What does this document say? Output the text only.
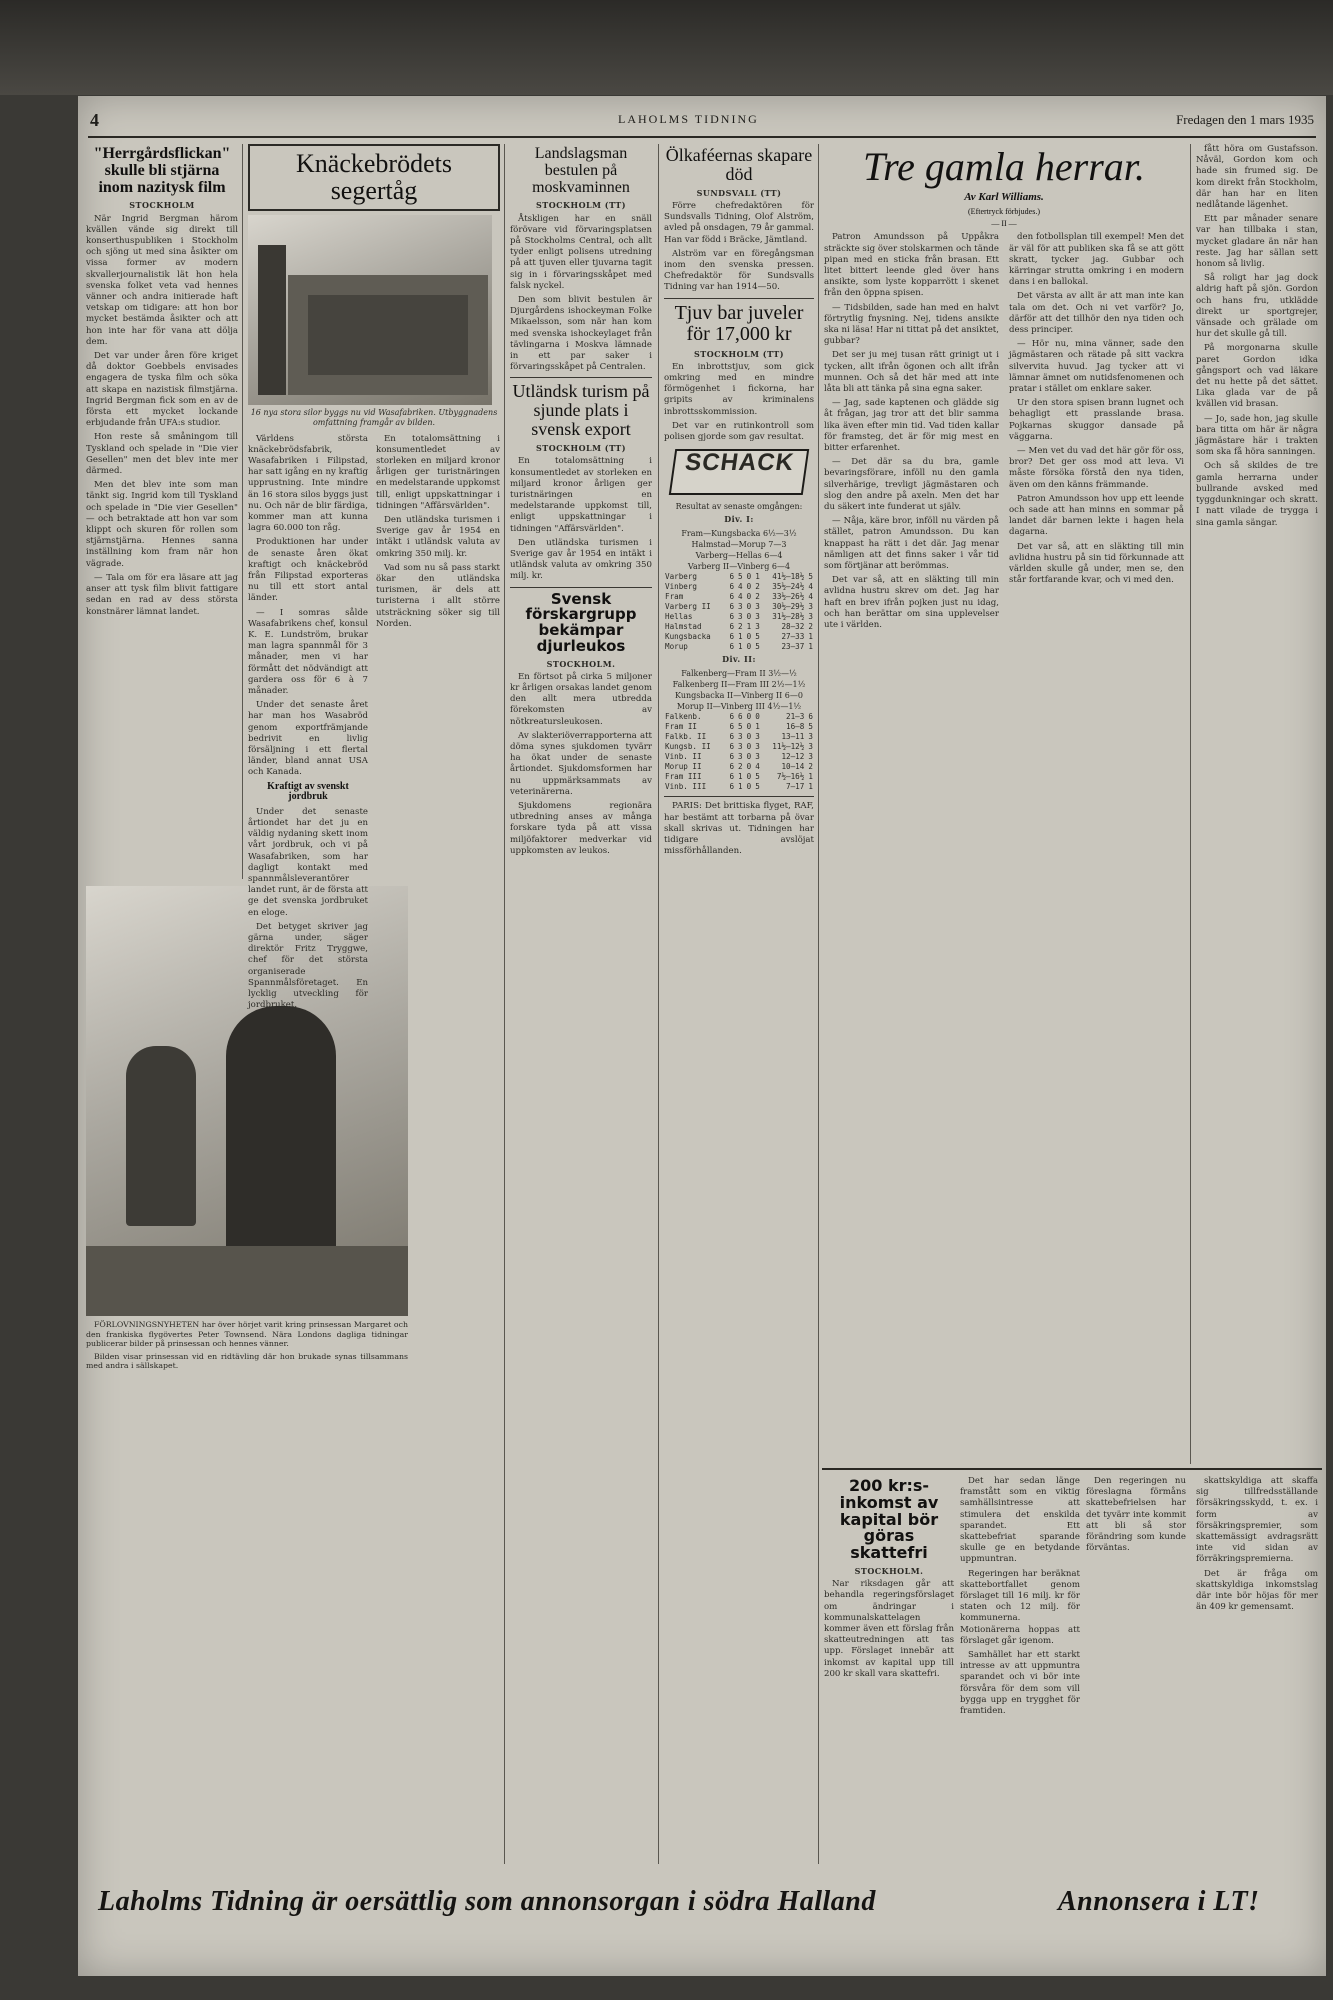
4	LAHOLMS TIDNING	Fredagen den 1 mars 1935
"Herrgårdsflickan" skulle bli stjärna inom nazitysk film
STOCKHOLM

När Ingrid Bergman härom kvällen vände sig direkt till konserthuspubliken i Stockholm och sjöng ut med sina åsikter om vissa former av modern skvallerjournalistik lät hon hela svenska folket veta vad hennes vänner och andra initierade haft vetskap om tidigare: att hon bor mycket bestämda åsikter och att hon inte har för vana att dölja dem.

Det var under åren före kriget då doktor Goebbels envisades engagera de tyska film och söka att skapa en nazistisk filmstjärna. Ingrid Bergman fick som en av de första ett mycket lockande erbjudande från UFA:s studior.

Hon reste så småningom till Tyskland och spelade in "Die vier Gesellen" men det blev inte mer därmed.

Men det blev inte som man tänkt sig. Ingrid kom till Tyskland och spelade in "Die vier Gesellen" — och betraktade att hon var som klippt och skuren för rollen som stjärnstjärna. Hennes sanna inställning kom fram när hon vägrade.

— Tala om för era läsare att jag anser att tysk film blivit fattigare sedan en rad av dess största konstnärer lämnat landet.

FÖRLOVNINGSNYHETEN har över hörjet varit kring prinsessan Margaret och den frankiska flygövertes Peter Townsend. Nära Londons dagliga tidningar publicerar bilder på prinsessan och hennes vänner.

Bilden visar prinsessan vid en ridtävling där hon brukade synas tillsammans med andra i sällskapet.

Knäckebrödets segertåg
16 nya stora silor byggs nu vid Wasafabriken. Utbyggnadens omfattning framgår av bilden.

Världens största knäckebrödsfabrik, Wasafabriken i Filipstad, har satt igång en ny kraftig upprustning. Inte mindre än 16 stora silos byggs just nu. Och när de blir färdiga, kommer man att kunna lagra 60.000 ton råg.

Produktionen har under de senaste åren ökat kraftigt och knäckebröd från Filipstad exporteras nu till ett stort antal länder.

— I somras sålde Wasafabrikens chef, konsul K. E. Lundström, brukar man lagra spannmål för 3 månader, men vi har förmått det nödvändigt att gardera oss för 6 à 7 månader.

Under det senaste året har man hos Wasabröd genom exportfrämjande bedrivit en livlig försäljning i ett flertal länder, bland annat USA och Kanada.

Kraftigt av svenskt jordbruk

Under det senaste årtiondet har det ju en väldig nydaning skett inom vårt jordbruk, och vi på Wasafabriken, som har dagligt kontakt med spannmålsleverantörer landet runt, är de första att ge det svenska jordbruket en eloge.

Det betyget skriver jag gärna under, säger direktör Fritz Tryggwe, chef för det största organiserade Spannmålsföretaget. En lycklig utveckling för jordbruket.

En totalomsättning i konsumentledet av storleken en miljard kronor årligen ger turistnäringen en medelstarande uppkomst till, enligt uppskattningar i tidningen "Affärsvärlden".

Den utländska turismen i Sverige gav år 1954 en intäkt i utländsk valuta av omkring 350 milj. kr.

Vad som nu så pass starkt ökar den utländska turismen, är dels att turisterna i allt större utsträckning söker sig till Norden.

Landslagsman bestulen på moskvaminnen
STOCKHOLM (TT)

Åtskligen har en snäll förövare vid förvaringsplatsen på Stockholms Central, och allt tyder enligt polisens utredning på att tjuven eller tjuvarna tagit sig in i förvaringsskåpet med falsk nyckel.

Den som blivit bestulen är Djurgårdens ishockeyman Folke Mikaelsson, som när han kom med svenska ishockeylaget från tävlingarna i Moskva lämnade in ett par saker i förvaringsskåpet på Centralen.

Utländsk turism på sjunde plats i svensk export
STOCKHOLM (TT)

En totalomsättning i konsumentledet av storleken en miljard kronor årligen ger turistnäringen en medelstarande uppkomst till, enligt uppskattningar i tidningen "Affärsvärlden".

Den utländska turismen i Sverige gav år 1954 en intäkt i utländsk valuta av omkring 350 milj. kr.

Svensk förskargrupp bekämpar djurleukos
STOCKHOLM.

En förtsot på cirka 5 miljoner kr årligen orsakas landet genom den allt mera utbredda förekomsten av nötkreatursleukosen.

Av slakteriöverrapporterna att döma synes sjukdomen tyvärr ha ökat under de senaste årtiondet. Sjukdomsformen har nu uppmärksammats av veterinärerna.

Sjukdomens regionära utbredning anses av många forskare tyda på att vissa miljöfaktorer medverkar vid uppkomsten av leukos.

Ölkaféernas skapare död
SUNDSVALL (TT)

Förre chefredaktören för Sundsvalls Tidning, Olof Alström, avled på onsdagen, 79 år gammal. Han var född i Bräcke, Jämtland.

Alström var en föregångsman inom den svenska pressen. Chefredaktör för Sundsvalls Tidning var han 1914—50.

Tjuv bar juveler för 17,000 kr
STOCKHOLM (TT)

En inbrottstjuv, som gick omkring med en mindre förmögenhet i fickorna, har gripits av kriminalens inbrottsskommission.

Det var en rutinkontroll som polisen gjorde som gav resultat.

SCHACK
Resultat av senaste omgången:
Div. I:
Fram—Kungsbacka 6½—3½
Halmstad—Morup 7—3
Varberg—Hellas 6—4
Varberg II—Vinberg 6—4
Varberg	6	5	0	1	41½—18½	5
Vinberg	6	4	0	2	35½—24½	4
Fram	6	4	0	2	33½—26½	4
Varberg II	6	3	0	3	30½—29½	3
Hellas	6	3	0	3	31½—28½	3
Halmstad	6	2	1	3	28—32	2
Kungsbacka	6	1	0	5	27—33	1
Morup	6	1	0	5	23—37	1
Div. II:
Falkenberg—Fram II 3½—½
Falkenberg II—Fram III 2½—1½
Kungsbacka II—Vinberg II 6—0
Morup II—Vinberg III 4½—1½
Falkenb.	6	6	0	0	21—3	6
Fram II	6	5	0	1	16—8	5
Falkb. II	6	3	0	3	13—11	3
Kungsb. II	6	3	0	3	11½—12½	3
Vinb. II	6	3	0	3	12—12	3
Morup II	6	2	0	4	10—14	2
Fram III	6	1	0	5	7½—16½	1
Vinb. III	6	1	0	5	7—17	1

PARIS: Det brittiska flyget, RAF, har bestämt att torbarna på övar skall skrivas ut. Tidningen har tidigare avslöjat missförhållanden.

Tre gamla herrar.
Av Karl Williams.
(Eftertryck förbjudes.)
— II —

Patron Amundsson på Uppåkra sträckte sig över stolskarmen och tände pipan med en sticka från brasan. Ett litet bittert leende gled över hans ansikte, som lyste kopparrött i skenet från den öppna spisen.

— Tidsbilden, sade han med en halvt förtrytlig fnysning. Nej, tidens ansikte ska ni läsa! Har ni tittat på det ansiktet, gubbar?

Det ser ju mej tusan rätt grinigt ut i tycken, allt ifrån ögonen och allt ifrån munnen. Och så det här med att inte låta bli att tänka på sina egna saker.

— Jag, sade kaptenen och glädde sig åt frågan, jag tror att det blir samma lika även efter min tid. Vad tiden kallar för framsteg, det är för mig mest en bitter erfarenhet.

— Det där sa du bra, gamle bevaringsförare, inföll nu den gamla silverhärige, trevligt jägmästaren och slog den andre på axeln. Men det har du säkert inte funderat ut själv.

— Nåja, käre bror, inföll nu värden på stället, patron Amundsson. Du kan knappast ha rätt i det där. Jag menar nämligen att det finns saker i vår tid som förtjänar att berömmas.

Det var så, att en släkting till min avlidna hustru skrev om det. Jag har haft en brev ifrån pojken just nu idag, och han berättar om sina upplevelser ute i världen.

den fotbollsplan till exempel! Men det är väl för att publiken ska få se att gött skratt, tycker jag. Gubbar och kärringar strutta omkring i en modern dans i en ballokal.

Det värsta av allt är att man inte kan tala om det. Och ni vet varför? Jo, därför att det tillhör den nya tiden och dess principer.

— Hör nu, mina vänner, sade den jägmästaren och rätade på sitt vackra silvervita huvud. Jag tycker att vi lämnar ämnet om nutidsfenomenen och pratar i stället om enklare saker.

Ur den stora spisen brann lugnet och behagligt ett prasslande brasa. Pojkarnas skuggor dansade på väggarna.

— Men vet du vad det här gör för oss, bror? Det ger oss mod att leva. Vi måste försöka förstå den nya tiden, även om den känns främmande.

Patron Amundsson hov upp ett leende och sade att han minns en sommar på landet där barnen lekte i hagen hela dagarna.

Det var så, att en släkting till min avlidna hustru på sin tid förkunnade att världen skulle gå under, men se, den står fortfarande kvar, och vi med den.

fått höra om Gustafsson. Nåväl, Gordon kom och hade sin frumed sig. De kom direkt från Stockholm, där han har en liten nedlåtande lägenhet.

Ett par månader senare var han tillbaka i stan, mycket gladare än när han reste. Jag har sällan sett honom så livlig.

Så roligt har jag dock aldrig haft på sjön. Gordon och hans fru, utklädde direkt ur sportgrejer, vänsade och grälade om hur det skulle gå till.

På morgonarna skulle paret Gordon idka gångsport och vad läkare det nu hette på det sättet. Lika glada var de på kvällen vid brasan.

— Jo, sade hon, jag skulle bara titta om här är några jägmästare här i trakten som ska få höra sanningen.

Och så skildes de tre gamla herrarna under bullrande avsked med tyggdunkningar och skratt. I natt vilade de trygga i sina gamla sängar.

200 kr:s-inkomst av kapital bör göras skattefri
STOCKHOLM.

Nar riksdagen går att behandla regeringsförslaget om ändringar i kommunalskattelagen kommer även ett förslag från skatteutredningen att tas upp. Förslaget innebär att inkomst av kapital upp till 200 kr skall vara skattefri.

Det har sedan länge framstått som en viktig samhällsintresse att stimulera det enskilda sparandet. Ett skattebefriat sparande skulle ge en betydande uppmuntran.

Regeringen har beräknat skattebortfallet genom förslaget till 16 milj. kr för staten och 12 milj. för kommunerna. Motionärerna hoppas att förslaget går igenom.

Samhället har ett starkt intresse av att uppmuntra sparandet och vi bör inte försvåra för dem som vill bygga upp en trygghet för framtiden.

Den regeringen nu föreslagna förmåns skattebefrielsen har det tyvärr inte kommit att bli så stor förändring som kunde förväntas.

skattskyldiga att skaffa sig tillfredsställande försäkringsskydd, t. ex. i form av försäkringspremier, som skattemässigt avdragsrätt inte vid sidan av förräkringspremierna.

Det är fråga om skattskyldiga inkomstslag där inte bör höjas för mer än 409 kr gemensamt.

Laholms Tidning är oersättlig som annonsorgan i södra Halland	Annonsera i LT!
